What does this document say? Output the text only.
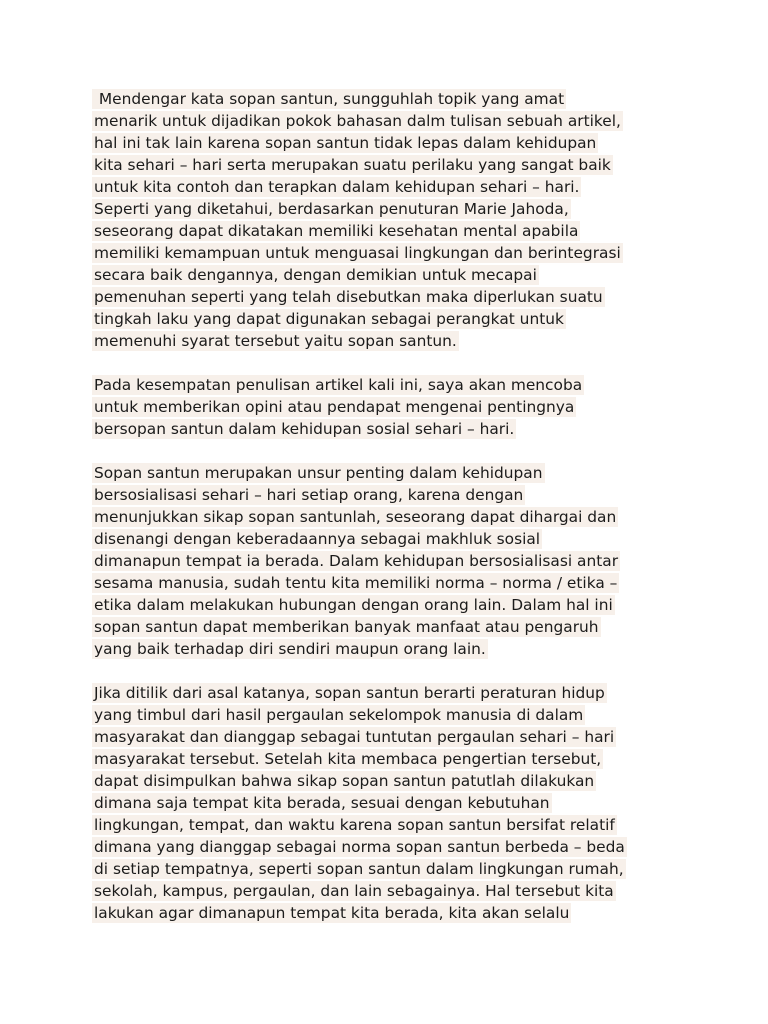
Mendengar kata sopan santun, sungguhlah topik yang amat
menarik untuk dijadikan pokok bahasan dalm tulisan sebuah artikel,
hal ini tak lain karena sopan santun tidak lepas dalam kehidupan
kita sehari – hari serta merupakan suatu perilaku yang sangat baik
untuk kita contoh dan terapkan dalam kehidupan sehari – hari.
Seperti yang diketahui, berdasarkan penuturan Marie Jahoda,
seseorang dapat dikatakan memiliki kesehatan mental apabila
memiliki kemampuan untuk menguasai lingkungan dan berintegrasi
secara baik dengannya, dengan demikian untuk mecapai
pemenuhan seperti yang telah disebutkan maka diperlukan suatu
tingkah laku yang dapat digunakan sebagai perangkat untuk
memenuhi syarat tersebut yaitu sopan santun.
Pada kesempatan penulisan artikel kali ini, saya akan mencoba
untuk memberikan opini atau pendapat mengenai pentingnya
bersopan santun dalam kehidupan sosial sehari – hari.
Sopan santun merupakan unsur penting dalam kehidupan
bersosialisasi sehari – hari setiap orang, karena dengan
menunjukkan sikap sopan santunlah, seseorang dapat dihargai dan
disenangi dengan keberadaannya sebagai makhluk sosial
dimanapun tempat ia berada. Dalam kehidupan bersosialisasi antar
sesama manusia, sudah tentu kita memiliki norma – norma / etika –
etika dalam melakukan hubungan dengan orang lain. Dalam hal ini
sopan santun dapat memberikan banyak manfaat atau pengaruh
yang baik terhadap diri sendiri maupun orang lain.
Jika ditilik dari asal katanya, sopan santun berarti peraturan hidup
yang timbul dari hasil pergaulan sekelompok manusia di dalam
masyarakat dan dianggap sebagai tuntutan pergaulan sehari – hari
masyarakat tersebut. Setelah kita membaca pengertian tersebut,
dapat disimpulkan bahwa sikap sopan santun patutlah dilakukan
dimana saja tempat kita berada, sesuai dengan kebutuhan
lingkungan, tempat, dan waktu karena sopan santun bersifat relatif
dimana yang dianggap sebagai norma sopan santun berbeda – beda
di setiap tempatnya, seperti sopan santun dalam lingkungan rumah,
sekolah, kampus, pergaulan, dan lain sebagainya. Hal tersebut kita
lakukan agar dimanapun tempat kita berada, kita akan selalu
